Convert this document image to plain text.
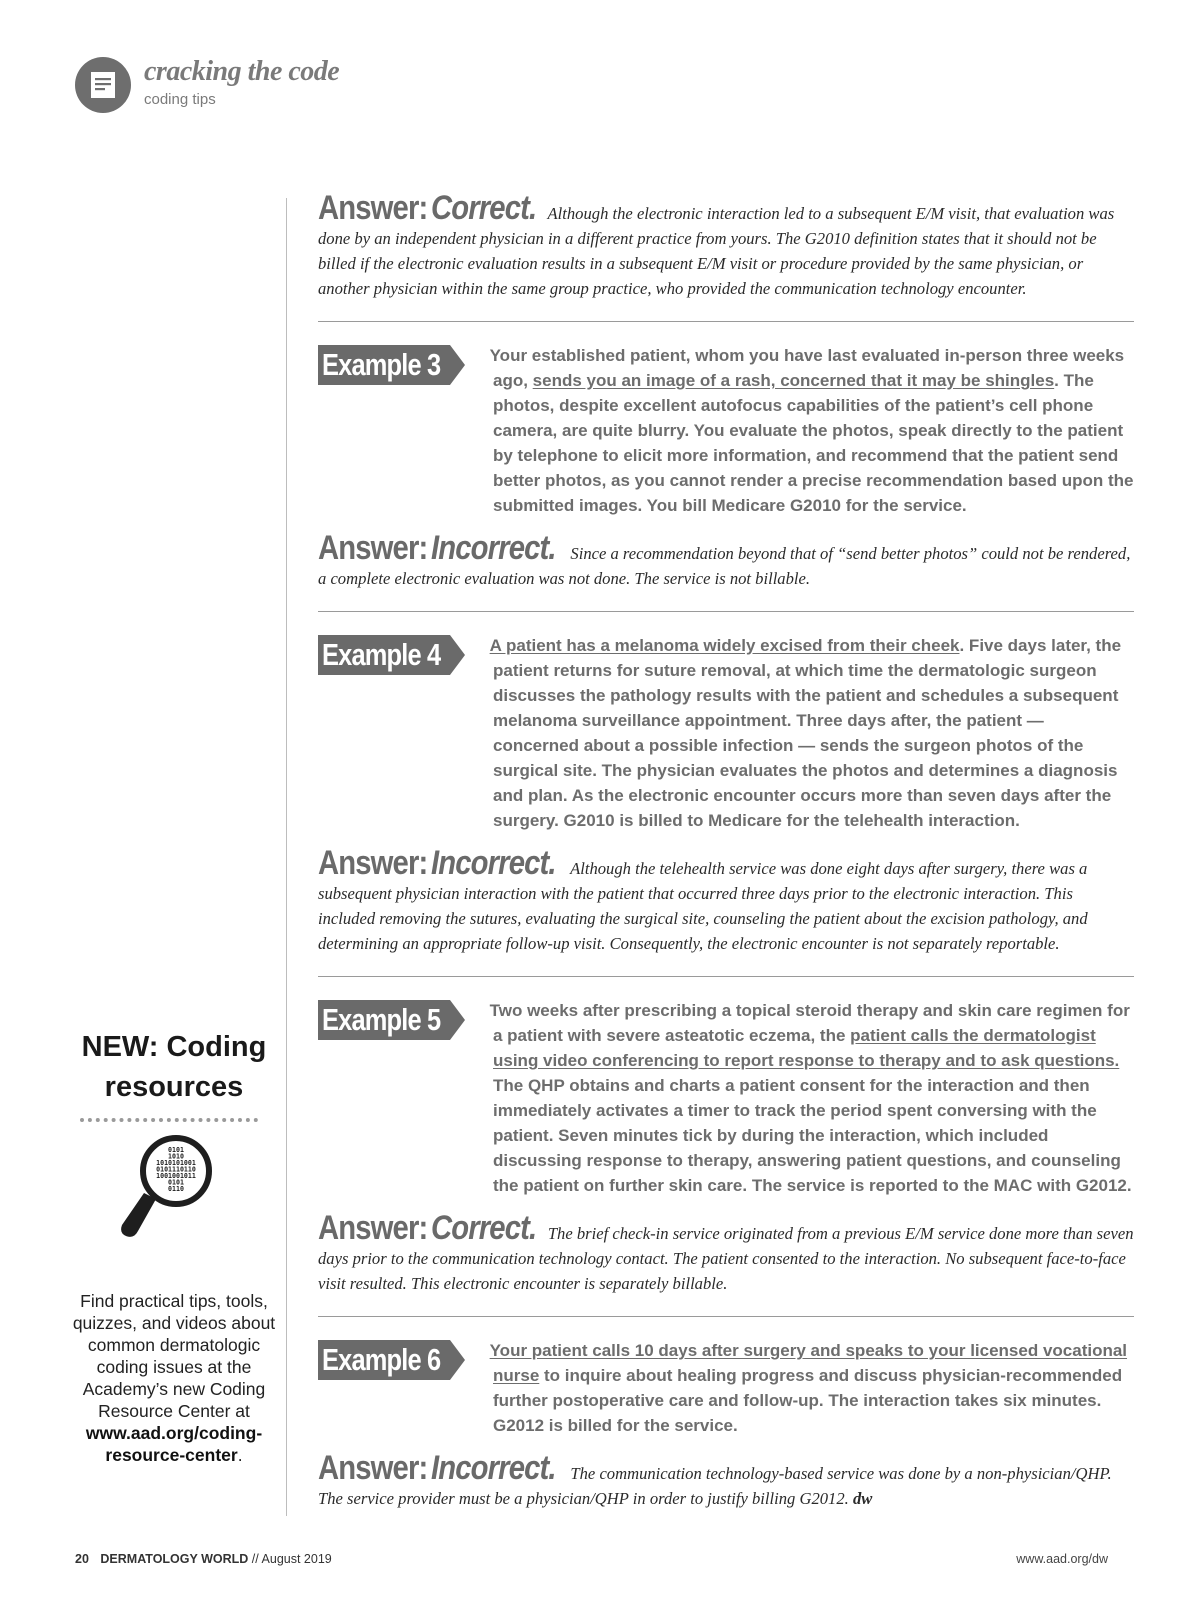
cracking the code
coding tips
NEW: Coding resources
0101
1010
1010101001
0101110110
1001001011
0101
0110
Find practical tips, tools, quizzes, and videos about common dermatologic coding issues at the Academy’s new Coding Resource Center at www.aad.org/coding-resource-center.
Answer: Correct. Although the electronic interaction led to a subsequent E/M visit, that evaluation was done by an independent physician in a different practice from yours. The G2010 definition states that it should not be billed if the electronic evaluation results in a subsequent E/M visit or procedure provided by the same physician, or another physician within the same group practice, who provided the communication technology encounter.
Example 3	Your established patient, whom you have last evaluated in-person three weeks ago, sends you an image of a rash, concerned that it may be shingles. The photos, despite excellent autofocus capabilities of the patient’s cell phone camera, are quite blurry. You evaluate the photos, speak directly to the patient by telephone to elicit more information, and recommend that the patient send better photos, as you cannot render a precise recommendation based upon the submitted images. You bill Medicare G2010 for the service.
Answer: Incorrect. Since a recommendation beyond that of “send better photos” could not be rendered, a complete electronic evaluation was not done. The service is not billable.
Example 4	A patient has a melanoma widely excised from their cheek. Five days later, the patient returns for suture removal, at which time the dermatologic surgeon discusses the pathology results with the patient and schedules a subsequent melanoma surveillance appointment. Three days after, the patient — concerned about a possible infection — sends the surgeon photos of the surgical site. The physician evaluates the photos and determines a diagnosis and plan. As the electronic encounter occurs more than seven days after the surgery. G2010 is billed to Medicare for the telehealth interaction.
Answer: Incorrect. Although the telehealth service was done eight days after surgery, there was a subsequent physician interaction with the patient that occurred three days prior to the electronic interaction. This included removing the sutures, evaluating the surgical site, counseling the patient about the excision pathology, and determining an appropriate follow-up visit. Consequently, the electronic encounter is not separately reportable.
Example 5	Two weeks after prescribing a topical steroid therapy and skin care regimen for a patient with severe asteatotic eczema, the patient calls the dermatologist using video conferencing to report response to therapy and to ask questions. The QHP obtains and charts a patient consent for the interaction and then immediately activates a timer to track the period spent conversing with the patient. Seven minutes tick by during the interaction, which included discussing response to therapy, answering patient questions, and counseling the patient on further skin care. The service is reported to the MAC with G2012.
Answer: Correct. The brief check-in service originated from a previous E/M service done more than seven days prior to the communication technology contact. The patient consented to the interaction. No subsequent face-to-face visit resulted. This electronic encounter is separately billable.
Example 6	Your patient calls 10 days after surgery and speaks to your licensed vocational nurse to inquire about healing progress and discuss physician-recommended further postoperative care and follow-up. The interaction takes six minutes. G2012 is billed for the service.
Answer: Incorrect. The communication technology-based service was done by a non-physician/QHP. The service provider must be a physician/QHP in order to justify billing G2012. dw
20 DERMATOLOGY WORLD // August 2019	www.aad.org/dw
